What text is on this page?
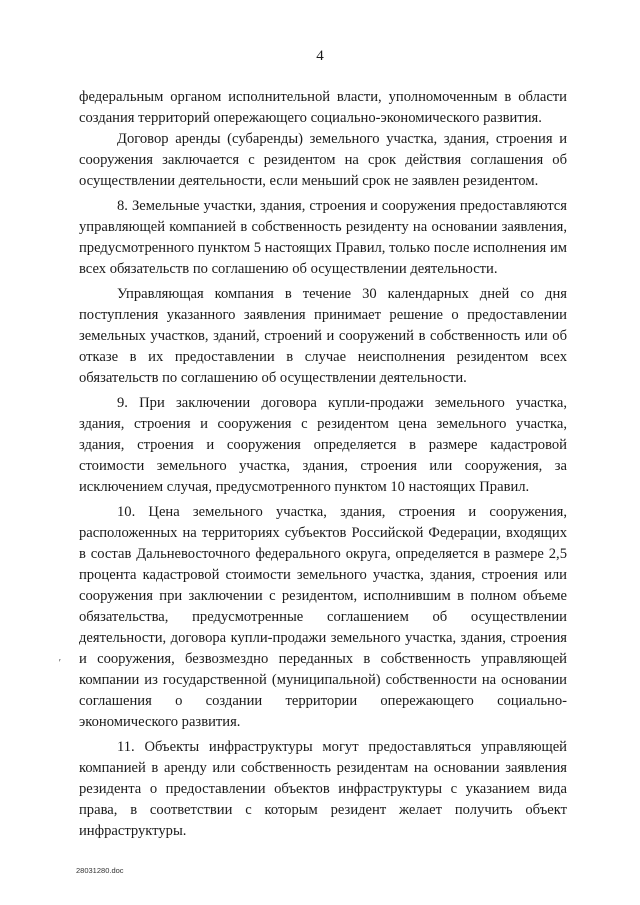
4

федеральным органом исполнительной власти, уполномоченным в области создания территорий опережающего социально-экономического развития.

Договор аренды (субаренды) земельного участка, здания, строения и сооружения заключается с резидентом на срок действия соглашения об осуществлении деятельности, если меньший срок не заявлен резидентом.

8. Земельные участки, здания, строения и сооружения предоставляются управляющей компанией в собственность резиденту на основании заявления, предусмотренного пунктом 5 настоящих Правил, только после исполнения им всех обязательств по соглашению об осуществлении деятельности.

Управляющая компания в течение 30 календарных дней со дня поступления указанного заявления принимает решение о предоставлении земельных участков, зданий, строений и сооружений в собственность или об отказе в их предоставлении в случае неисполнения резидентом всех обязательств по соглашению об осуществлении деятельности.

9. При заключении договора купли-продажи земельного участка, здания, строения и сооружения с резидентом цена земельного участка, здания, строения и сооружения определяется в размере кадастровой стоимости земельного участка, здания, строения или сооружения, за исключением случая, предусмотренного пунктом 10 настоящих Правил.

10. Цена земельного участка, здания, строения и сооружения, расположенных на территориях субъектов Российской Федерации, входящих в состав Дальневосточного федерального округа, определяется в размере 2,5 процента кадастровой стоимости земельного участка, здания, строения или сооружения при заключении с резидентом, исполнившим в полном объеме обязательства, предусмотренные соглашением об осуществлении деятельности, договора купли-продажи земельного участка, здания, строения и сооружения, безвозмездно переданных в собственность управляющей компании из государственной (муниципальной) собственности на основании соглашения о создании территории опережающего социально-экономического развития.

11. Объекты инфраструктуры могут предоставляться управляющей компанией в аренду или собственность резидентам на основании заявления резидента о предоставлении объектов инфраструктуры с указанием вида права, в соответствии с которым резидент желает получить объект инфраструктуры.

′
28031280.doc
